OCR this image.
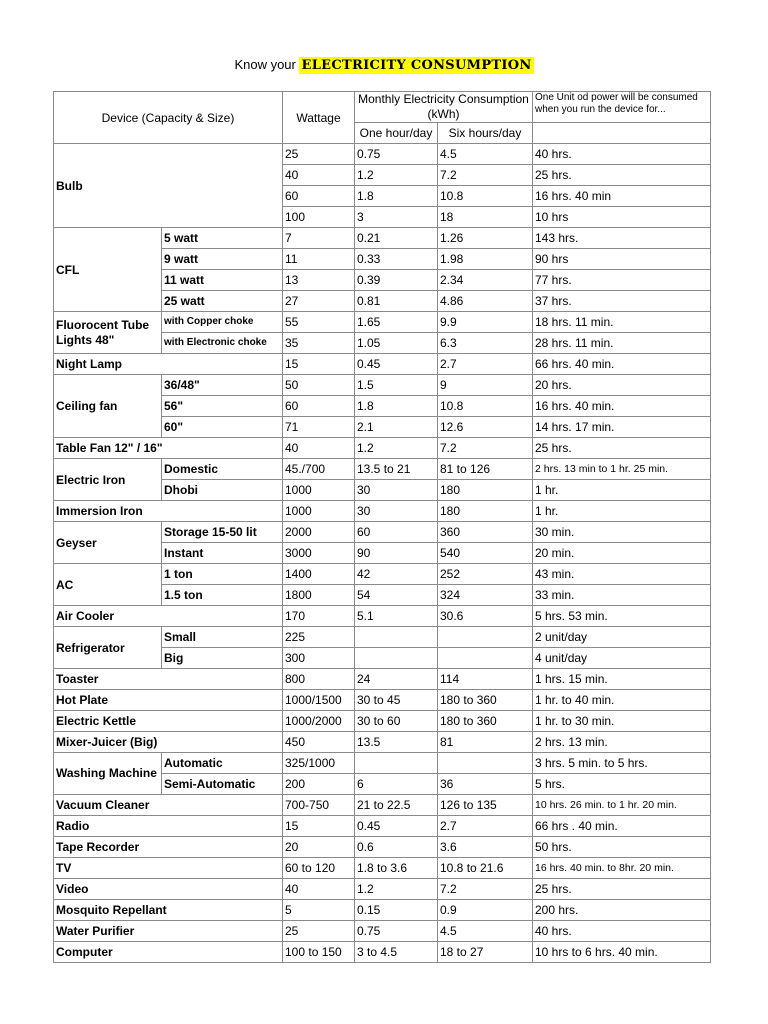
Know your ELECTRICITY CONSUMPTION
Device (Capacity & Size)		Wattage	Monthly Electricity Consumption (kWh)		One Unit od power will be consumed when you run the device for...
			One hour/day	Six hours/day	
Bulb		25	0.75	4.5	40 hrs.
		40	1.2	7.2	25 hrs.
		60	1.8	10.8	16 hrs. 40 min
		100	3	18	10 hrs
CFL	5 watt	7	0.21	1.26	143 hrs.
	9 watt	11	0.33	1.98	90 hrs
	11 watt	13	0.39	2.34	77 hrs.
	25 watt	27	0.81	4.86	37 hrs.
Fluorocent Tube Lights 48"	with Copper choke	55	1.65	9.9	18 hrs. 11 min.
	with Electronic choke	35	1.05	6.3	28 hrs. 11 min.
Night Lamp		15	0.45	2.7	66 hrs. 40 min.
Ceiling fan	36/48"	50	1.5	9	20 hrs.
	56"	60	1.8	10.8	16 hrs. 40 min.
	60"	71	2.1	12.6	14 hrs. 17 min.
Table Fan 12" / 16"		40	1.2	7.2	25 hrs.
Electric Iron	Domestic	45./700	13.5 to 21	81 to 126	2 hrs. 13 min to 1 hr. 25 min.
	Dhobi	1000	30	180	1 hr.
Immersion Iron		1000	30	180	1 hr.
Geyser	Storage 15-50 lit	2000	60	360	30 min.
	Instant	3000	90	540	20 min.
AC	1 ton	1400	42	252	43 min.
	1.5 ton	1800	54	324	33 min.
Air Cooler		170	5.1	30.6	5 hrs. 53 min.
Refrigerator	Small	225			2 unit/day
	Big	300			4 unit/day
Toaster		800	24	114	1 hrs. 15 min.
Hot Plate		1000/1500	30 to 45	180 to 360	1 hr. to 40 min.
Electric Kettle		1000/2000	30 to 60	180 to 360	1 hr. to 30 min.
Mixer-Juicer (Big)		450	13.5	81	2 hrs. 13 min.
Washing Machine	Automatic	325/1000			3 hrs. 5 min. to 5 hrs.
	Semi-Automatic	200	6	36	5 hrs.
Vacuum Cleaner		700-750	21 to 22.5	126 to 135	10 hrs. 26 min. to 1 hr. 20 min.
Radio		15	0.45	2.7	66 hrs . 40 min.
Tape Recorder		20	0.6	3.6	50 hrs.
TV		60 to 120	1.8 to 3.6	10.8 to 21.6	16 hrs. 40 min. to 8hr. 20 min.
Video		40	1.2	7.2	25 hrs.
Mosquito Repellant		5	0.15	0.9	200 hrs.
Water Purifier		25	0.75	4.5	40 hrs.
Computer		100 to 150	3 to 4.5	18 to 27	10 hrs to 6 hrs. 40 min.
